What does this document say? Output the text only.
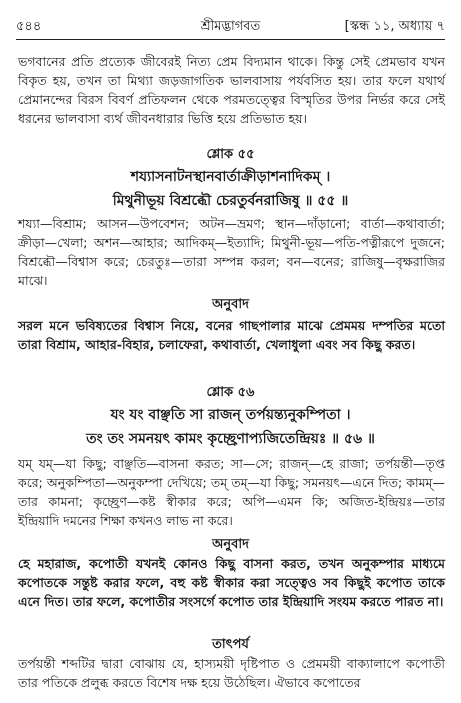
৫৪৪	শ্রীমদ্ভাগবত	[স্কন্ধ ১১, অধ্যায় ৭

ভগবানের প্রতি প্রত্যেক জীবেরই নিত্য প্রেম বিদ্যমান থাকে। কিন্তু সেই প্রেমভাব যখন বিকৃত হয়, তখন তা মিথ্যা জড়জাগতিক ভালবাসায় পর্যবসিত হয়। তার ফলে যথার্থ প্রেমানন্দের বিরস বিবর্ণ প্রতিফলন থেকে পরমতত্ত্বের বিস্মৃতির উপর নির্ভর করে সেই ধরনের ভালবাসা ব্যর্থ জীবনধারার ভিত্তি হয়ে প্রতিভাত হয়।

শ্লোক ৫৫
শয্যাসনাটনস্থানবার্তাক্রীড়াশনাদিকম্ ।
মিথুনীভূয় বিশ্রব্ধৌ চেরতুর্বনরাজিষু ॥ ৫৫ ॥

শয্যা—বিশ্রাম; আসন—উপবেশন; অটন—ভ্রমণ; স্থান—দাঁড়ানো; বার্তা—কথাবার্তা; ক্রীড়া—খেলা; অশন—আহার; আদিকম্—ইত্যাদি; মিথুনী-ভূয়—পতি-পত্নীরূপে দুজনে; বিশ্রব্ধৌ—বিশ্বাস করে; চেরতুঃ—তারা সম্পন্ন করল; বন—বনের; রাজিষু—বৃক্ষরাজির মাঝে।

অনুবাদ

সরল মনে ভবিষ্যতের বিশ্বাস নিয়ে, বনের গাছপালার মাঝে প্রেমময় দম্পতির মতো তারা বিশ্রাম, আহার-বিহার, চলাফেরা, কথাবার্তা, খেলাধুলা এবং সব কিছু করত।

শ্লোক ৫৬
যং যং বাঞ্ছতি সা রাজন্ তর্পয়ন্ত্যনুকম্পিতা ।
তং তং সমনয়ৎ কামং কৃচ্ছ্রেণাপ্যজিতেন্দ্রিয়ঃ ॥ ৫৬ ॥

যম্ যম্—যা কিছু; বাঞ্ছতি—বাসনা করত; সা—সে; রাজন্—হে রাজা; তর্পয়ন্তী—তৃপ্ত করে; অনুকম্পিতা—অনুকম্পা দেখিয়ে; তম্ তম্—যা কিছু; সমনয়ৎ—এনে দিত; কামম্—তার কামনা; কৃচ্ছ্রেণ—কষ্ট স্বীকার করে; অপি—এমন কি; অজিত-ইন্দ্রিয়ঃ—তার ইন্দ্রিয়াদি দমনের শিক্ষা কখনও লাভ না করে।

অনুবাদ

হে মহারাজ, কপোতী যখনই কোনও কিছু বাসনা করত, তখন অনুকম্পার মাধ্যমে কপোতকে সন্তুষ্ট করার ফলে, বহু কষ্ট স্বীকার করা সত্ত্বেও সব কিছুই কপোত তাকে এনে দিত। তার ফলে, কপোতীর সংসর্গে কপোত তার ইন্দ্রিয়াদি সংযম করতে পারত না।

তাৎপর্য

তর্পয়ন্তী শব্দটির দ্বারা বোঝায় যে, হাস্যময়ী দৃষ্টিপাত ও প্রেমময়ী বাক্যালাপে কপোতী তার পতিকে প্রলুব্ধ করতে বিশেষ দক্ষ হয়ে উঠেছিল। ঐভাবে কপোতের
